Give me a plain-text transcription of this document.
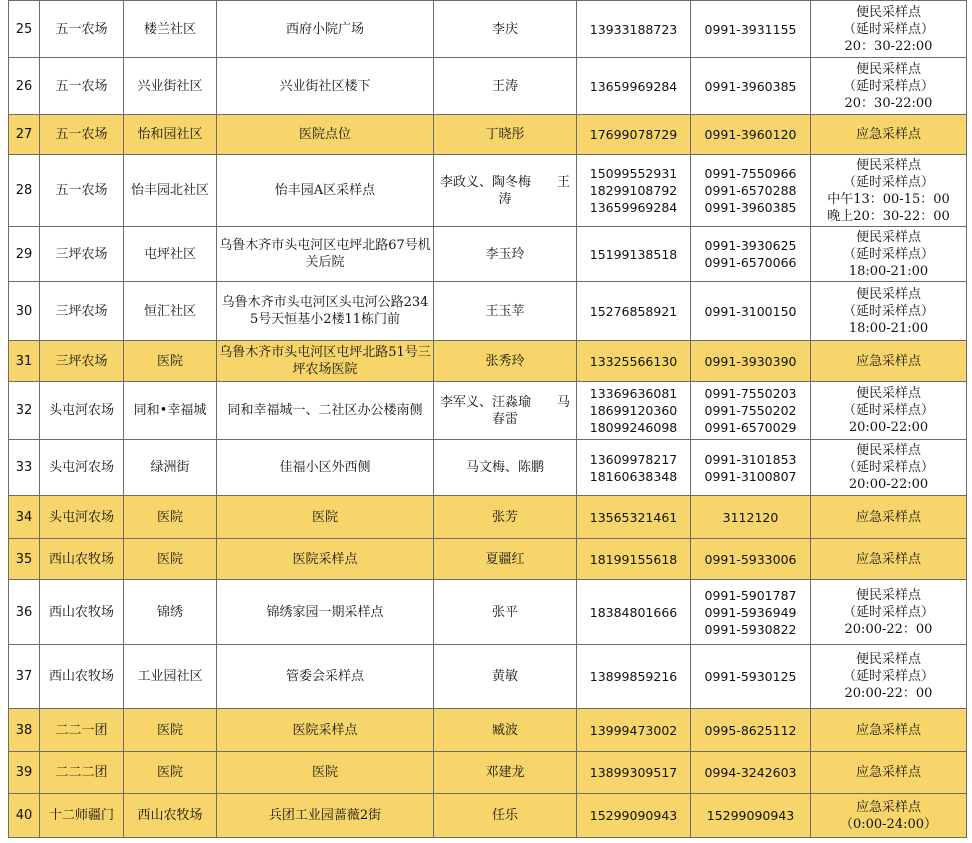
25	五一农场	楼兰社区	西府小院广场	李庆	13933188723	0991-3931155	便民采样点
（延时采样点）
20：30-22:00

26	五一农场	兴业街社区	兴业街社区楼下	王涛	13659969284	0991-3960385	便民采样点
（延时采样点）
20：30-22:00

27	五一农场	怡和园社区	医院点位	丁晓彤	17699078729	0991-3960120	应急采样点

28	五一农场	怡丰园北社区	怡丰园A区采样点	李政义、陶冬梅　　王涛	15099552931
18299108792
13659969284	0991-7550966
0991-6570288
0991-3960385	便民采样点
（延时采样点）
中午13：00-15：00
晚上20：30-22：00

29	三坪农场	屯坪社区	乌鲁木齐市头屯河区屯坪北路67号机关后院	李玉玲	15199138518	0991-3930625
0991-6570066	便民采样点
（延时采样点）
18:00-21:00

30	三坪农场	恒汇社区	乌鲁木齐市头屯河区头屯河公路2345号天恒基小2楼11栋门前	王玉苹	15276858921	0991-3100150	便民采样点
（延时采样点）
18:00-21:00

31	三坪农场	医院	乌鲁木齐市头屯河区屯坪北路51号三坪农场医院	张秀玲	13325566130	0991-3930390	应急采样点

32	头屯河农场	同和•幸福城	同和幸福城一、二社区办公楼南侧	李军义、汪淼瑜　　马春雷	13369636081
18699120360
18099246098	0991-7550203
0991-7550202
0991-6570029	便民采样点
（延时采样点）
20:00-22:00

33	头屯河农场	绿洲街	佳福小区外西侧	马文梅、陈鹏	13609978217
18160638348	0991-3101853
0991-3100807	便民采样点
（延时采样点）
20:00-22:00

34	头屯河农场	医院	医院	张芳	13565321461	3112120	应急采样点

35	西山农牧场	医院	医院采样点	夏疆红	18199155618	0991-5933006	应急采样点

36	西山农牧场	锦绣	锦绣家园一期采样点	张平	18384801666	0991-5901787
0991-5936949
0991-5930822	便民采样点
（延时采样点）
20:00-22：00

37	西山农牧场	工业园社区	管委会采样点	黄敏	13899859216	0991-5930125	便民采样点
（延时采样点）
20:00-22：00

38	二二一团	医院	医院采样点	臧波	13999473002	0995-8625112	应急采样点

39	二二二团	医院	医院	邓建龙	13899309517	0994-3242603	应急采样点

40	十二师疆门	西山农牧场	兵团工业园蔷薇2街	任乐	15299090943	15299090943	应急采样点
（0:00-24:00）
